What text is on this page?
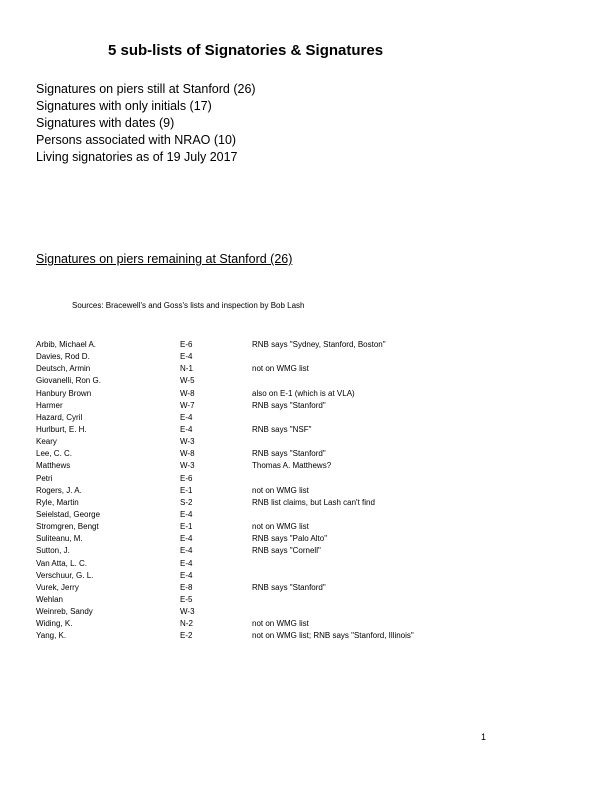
5 sub-lists of Signatories & Signatures
Signatures on piers still at Stanford (26)
Signatures with only initials (17)
Signatures with dates (9)
Persons associated with NRAO (10)
Living signatories as of 19 July 2017
Signatures on piers remaining at Stanford (26)
Sources: Bracewell's and Goss's lists and inspection by Bob Lash
Arbib, Michael A.	E-6	RNB says "Sydney, Stanford, Boston"
Davies, Rod D.	E-4
Deutsch, Armin	N-1	not on WMG list
Giovanelli, Ron G.	W-5
Hanbury Brown	W-8	also on E-1 (which is at VLA)
Harmer	W-7	RNB says "Stanford"
Hazard, Cyril	E-4
Hurlburt, E. H.	E-4	RNB says "NSF"
Keary	W-3
Lee, C. C.	W-8	RNB says "Stanford"
Matthews	W-3	Thomas A. Matthews?
Petri	E-6
Rogers, J. A.	E-1	not on WMG list
Ryle, Martin	S-2	RNB list claims, but Lash can't find
Seielstad, George	E-4
Stromgren, Bengt	E-1	not on WMG list
Suliteanu, M.	E-4	RNB says "Palo Alto"
Sutton, J.	E-4	RNB says "Cornell"
Van Atta, L. C.	E-4
Verschuur, G. L.	E-4
Vurek, Jerry	E-8	RNB says "Stanford"
Wehlan	E-5
Weinreb, Sandy	W-3
Widing, K.	N-2	not on WMG list
Yang, K.	E-2	not on WMG list; RNB says "Stanford, Illinois"
1
